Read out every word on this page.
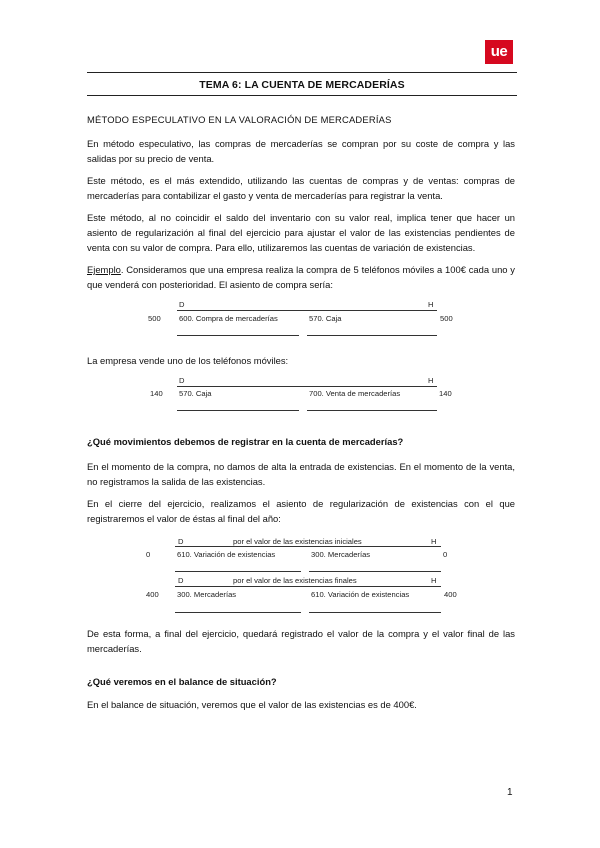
ue
TEMA 6: LA CUENTA DE MERCADERÍAS
MÉTODO ESPECULATIVO EN LA VALORACIÓN DE MERCADERÍAS
En método especulativo, las compras de mercaderías se compran por su coste de compra y las salidas por su precio de venta.
Este método, es el más extendido, utilizando las cuentas de compras y de ventas: compras de mercaderías para contabilizar el gasto y venta de mercaderías para registrar la venta.
Este método, al no coincidir el saldo del inventario con su valor real, implica tener que hacer un asiento de regularización al final del ejercicio para ajustar el valor de las existencias pendientes de venta con su valor de compra. Para ello, utilizaremos las cuentas de variación de existencias.
Ejemplo. Consideramos que una empresa realiza la compra de 5 teléfonos móviles a 100€ cada uno y que venderá con posterioridad. El asiento de compra sería:
D	H
500 600. Compra de mercaderías	570. Caja	500
La empresa vende uno de los teléfonos móviles:
D	H
140 570. Caja	700. Venta de mercaderías	140
¿Qué movimientos debemos de registrar en la cuenta de mercaderías?
En el momento de la compra, no damos de alta la entrada de existencias. En el momento de la venta, no registramos la salida de las existencias.
En el cierre del ejercicio, realizamos el asiento de regularización de existencias con el que registraremos el valor de éstas al final del año:
D	por el valor de las existencias iniciales	H
0	610. Variación de existencias	300. Mercaderías	0
D	por el valor de las existencias finales	H
400 300. Mercaderías	610. Variación de existencias	400
De esta forma, a final del ejercicio, quedará registrado el valor de la compra y el valor final de las mercaderías.
¿Qué veremos en el balance de situación?
En el balance de situación, veremos que el valor de las existencias es de 400€.
1
